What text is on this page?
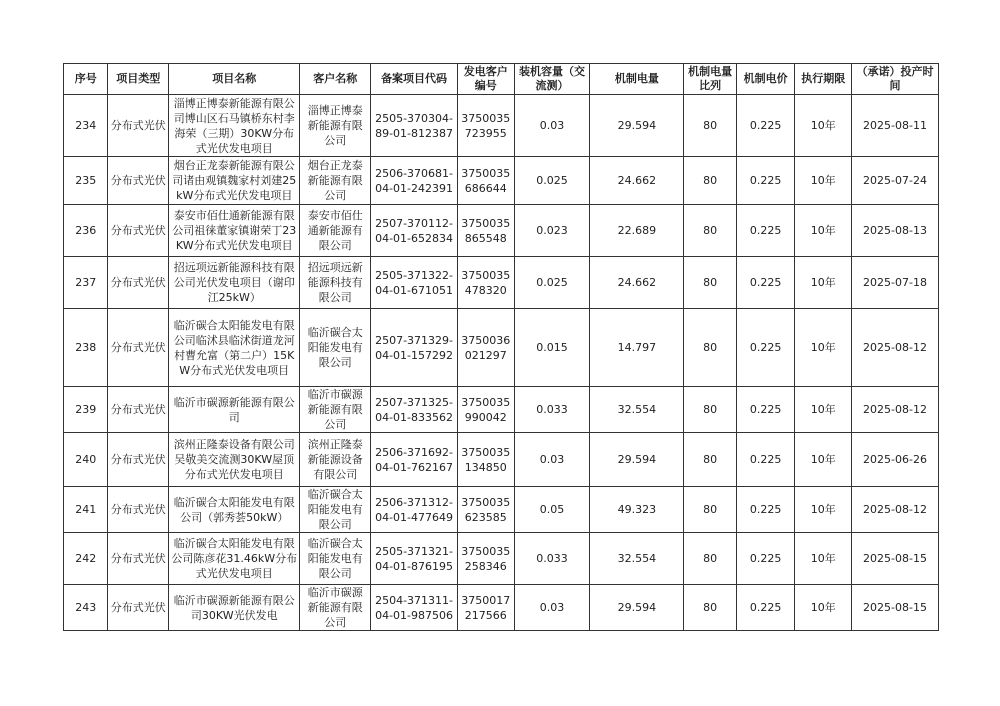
序号	项目类型	项目名称	客户名称	备案项目代码	发电客户编号	装机容量（交流测）	机制电量	机制电量比列	机制电价	执行期限	（承诺）投产时间
234	分布式光伏	淄博正博泰新能源有限公司博山区石马镇桥东村李海荣（三期）30KW分布式光伏发电项目	淄博正博泰新能源有限公司	2505-370304-89-01-812387	3750035723955	0.03	29.594	80	0.225	10年	2025-08-11
235	分布式光伏	烟台正龙泰新能源有限公司诸由观镇魏家村刘建25kW分布式光伏发电项目	烟台正龙泰新能源有限公司	2506-370681-04-01-242391	3750035686644	0.025	24.662	80	0.225	10年	2025-07-24
236	分布式光伏	泰安市佰仕通新能源有限公司祖徕董家镇谢荣丁23KW分布式光伏发电项目	泰安市佰仕通新能源有限公司	2507-370112-04-01-652834	3750035865548	0.023	22.689	80	0.225	10年	2025-08-13
237	分布式光伏	招远项远新能源科技有限公司光伏发电项目（谢印江25kW）	招远项远新能源科技有限公司	2505-371322-04-01-671051	3750035478320	0.025	24.662	80	0.225	10年	2025-07-18
238	分布式光伏	临沂碳合太阳能发电有限公司临沭县临沭街道龙河村曹允富（第二户）15KW分布式光伏发电项目	临沂碳合太阳能发电有限公司	2507-371329-04-01-157292	3750036021297	0.015	14.797	80	0.225	10年	2025-08-12
239	分布式光伏	临沂市碳源新能源有限公司	临沂市碳源新能源有限公司	2507-371325-04-01-833562	3750035990042	0.033	32.554	80	0.225	10年	2025-08-12
240	分布式光伏	滨州正隆泰设备有限公司吴敬美交流测30KW屋顶分布式光伏发电项目	滨州正隆泰新能源设备有限公司	2506-371692-04-01-762167	3750035134850	0.03	29.594	80	0.225	10年	2025-06-26
241	分布式光伏	临沂碳合太阳能发电有限公司（郭秀荟50kW）	临沂碳合太阳能发电有限公司	2506-371312-04-01-477649	3750035623585	0.05	49.323	80	0.225	10年	2025-08-12
242	分布式光伏	临沂碳合太阳能发电有限公司陈彦花31.46kW分布式光伏发电项目	临沂碳合太阳能发电有限公司	2505-371321-04-01-876195	3750035258346	0.033	32.554	80	0.225	10年	2025-08-15
243	分布式光伏	临沂市碳源新能源有限公司30KW光伏发电	临沂市碳源新能源有限公司	2504-371311-04-01-987506	3750017217566	0.03	29.594	80	0.225	10年	2025-08-15
